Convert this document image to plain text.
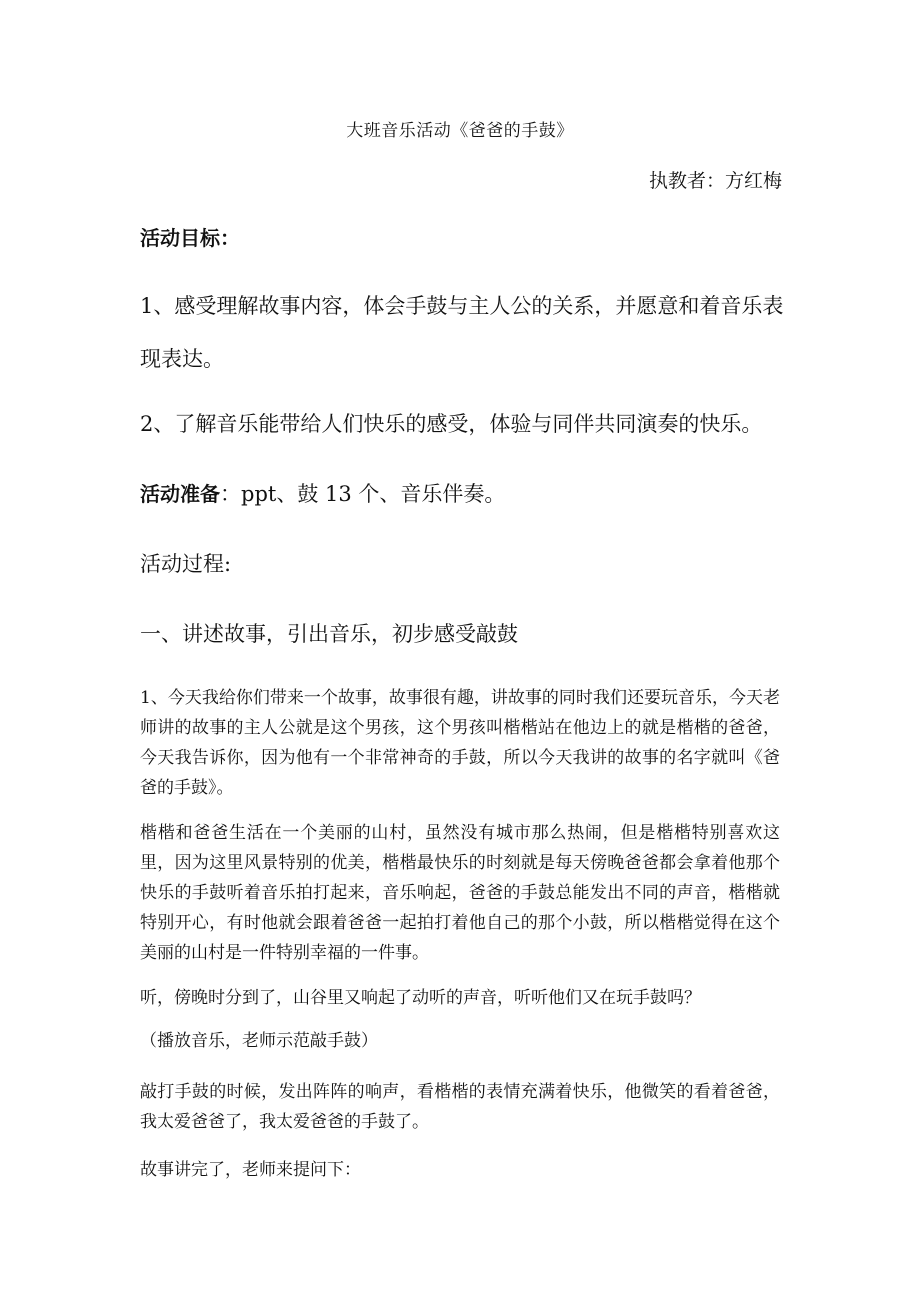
大班音乐活动《爸爸的手鼓》
执教者：方红梅
活动目标：
1、感受理解故事内容，体会手鼓与主人公的关系，并愿意和着音乐表现表达。
2、了解音乐能带给人们快乐的感受，体验与同伴共同演奏的快乐。
活动准备：ppt、鼓 13 个、音乐伴奏。
活动过程:
一、讲述故事，引出音乐，初步感受敲鼓
1、今天我给你们带来一个故事，故事很有趣，讲故事的同时我们还要玩音乐，今天老师讲的故事的主人公就是这个男孩，这个男孩叫楷楷站在他边上的就是楷楷的爸爸，今天我告诉你，因为他有一个非常神奇的手鼓，所以今天我讲的故事的名字就叫《爸爸的手鼓》。
楷楷和爸爸生活在一个美丽的山村，虽然没有城市那么热闹，但是楷楷特别喜欢这里，因为这里风景特别的优美，楷楷最快乐的时刻就是每天傍晚爸爸都会拿着他那个快乐的手鼓听着音乐拍打起来，音乐响起，爸爸的手鼓总能发出不同的声音，楷楷就特别开心，有时他就会跟着爸爸一起拍打着他自己的那个小鼓，所以楷楷觉得在这个美丽的山村是一件特别幸福的一件事。
听，傍晚时分到了，山谷里又响起了动听的声音，听听他们又在玩手鼓吗？
（播放音乐，老师示范敲手鼓）
敲打手鼓的时候，发出阵阵的响声，看楷楷的表情充满着快乐，他微笑的看着爸爸，我太爱爸爸了，我太爱爸爸的手鼓了。
故事讲完了，老师来提问下：
